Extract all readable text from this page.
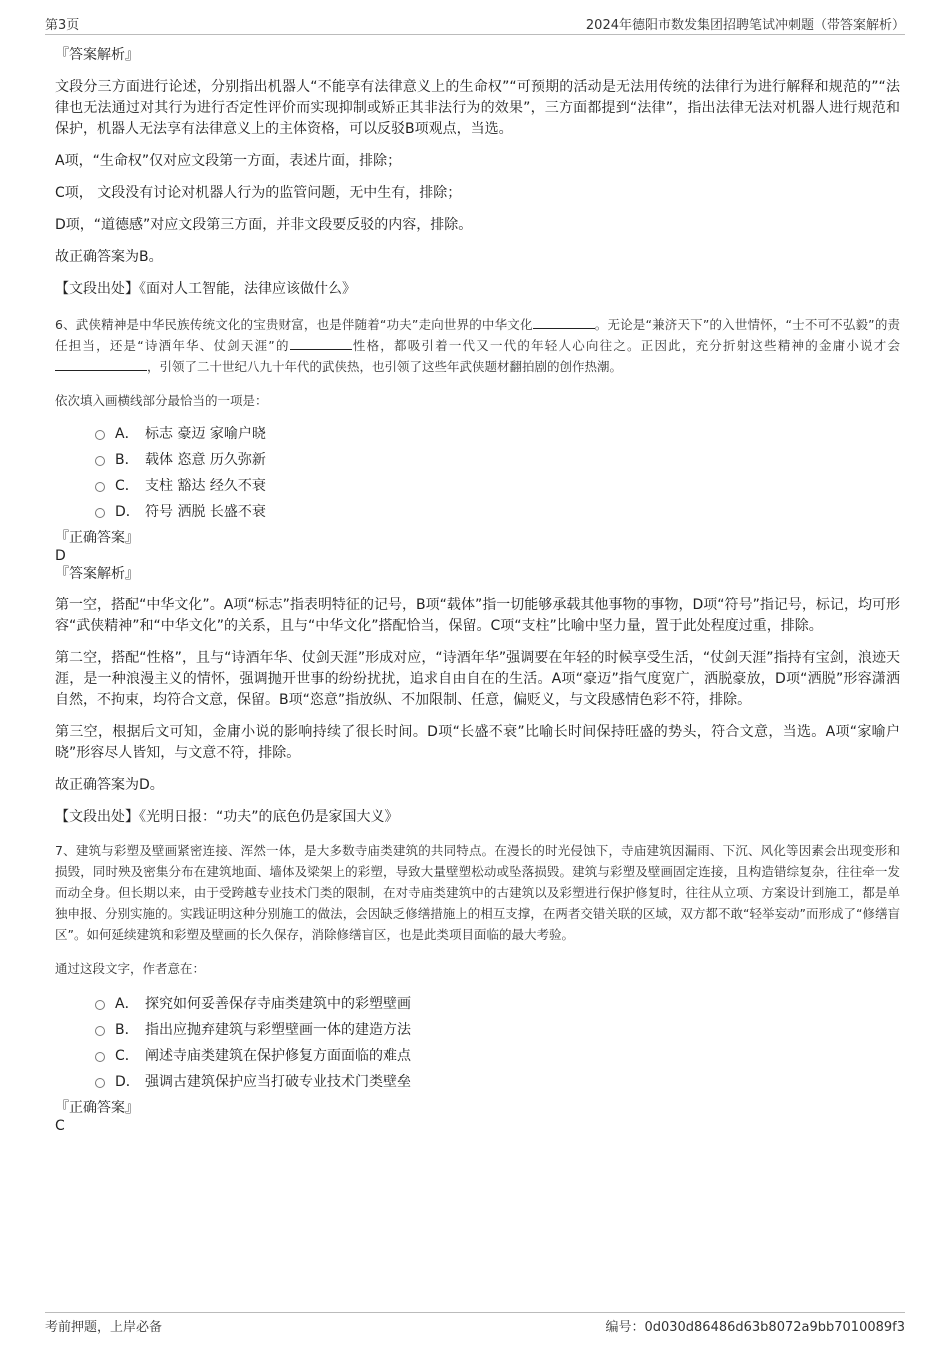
第3页	2024年德阳市数发集团招聘笔试冲刺题（带答案解析）

『答案解析』

文段分三方面进行论述，分别指出机器人“不能享有法律意义上的生命权”“可预期的活动是无法用传统的法律行为进行解释和规范的”“法律也无法通过对其行为进行否定性评价而实现抑制或矫正其非法行为的效果”，三方面都提到“法律”，指出法律无法对机器人进行规范和保护，机器人无法享有法律意义上的主体资格，可以反驳B项观点，当选。

A项，“生命权”仅对应文段第一方面，表述片面，排除；

C项， 文段没有讨论对机器人行为的监管问题，无中生有，排除；

D项，“道德感”对应文段第三方面，并非文段要反驳的内容，排除。

故正确答案为B。

【文段出处】《面对人工智能，法律应该做什么》

6、武侠精神是中华民族传统文化的宝贵财富，也是伴随着“功夫”走向世界的中华文化	。无论是“兼济天下”的入世情怀，“士不可不弘毅”的责任担当，还是“诗酒年华、仗剑天涯”的	性格，都吸引着一代又一代的年轻人心向往之。正因此，充分折射这些精神的金庸小说才会，引领了二十世纪八九十年代的武侠热，也引领了这些年武侠题材翻拍剧的创作热潮。

依次填入画横线部分最恰当的一项是：

A． 标志 豪迈 家喻户晓
B． 载体 恣意 历久弥新
C． 支柱 豁达 经久不衰
D． 符号 洒脱 长盛不衰

『正确答案』

D

『答案解析』

第一空，搭配“中华文化”。A项“标志”指表明特征的记号，B项“载体”指一切能够承载其他事物的事物，D项“符号”指记号，标记，均可形容“武侠精神”和“中华文化”的关系，且与“中华文化”搭配恰当，保留。C项“支柱”比喻中坚力量，置于此处程度过重，排除。

第二空，搭配“性格”，且与“诗酒年华、仗剑天涯”形成对应，“诗酒年华”强调要在年轻的时候享受生活，“仗剑天涯”指持有宝剑，浪迹天涯，是一种浪漫主义的情怀，强调抛开世事的纷纷扰扰，追求自由自在的生活。A项“豪迈”指气度宽广，洒脱豪放，D项“洒脱”形容潇洒自然，不拘束，均符合文意，保留。B项“恣意”指放纵、不加限制、任意，偏贬义，与文段感情色彩不符，排除。

第三空，根据后文可知，金庸小说的影响持续了很长时间。D项“长盛不衰”比喻长时间保持旺盛的势头，符合文意，当选。A项“家喻户晓”形容尽人皆知，与文意不符，排除。

故正确答案为D。

【文段出处】《光明日报：“功夫”的底色仍是家国大义》

7、建筑与彩塑及壁画紧密连接、浑然一体，是大多数寺庙类建筑的共同特点。在漫长的时光侵蚀下，寺庙建筑因漏雨、下沉、风化等因素会出现变形和损毁，同时殃及密集分布在建筑地面、墙体及梁架上的彩塑，导致大量壁塑松动或坠落损毁。建筑与彩塑及壁画固定连接，且构造错综复杂，往往牵一发而动全身。但长期以来，由于受跨越专业技术门类的限制，在对寺庙类建筑中的古建筑以及彩塑进行保护修复时，往往从立项、方案设计到施工，都是单独申报、分别实施的。实践证明这种分别施工的做法，会因缺乏修缮措施上的相互支撑，在两者交错关联的区域，双方都不敢“轻举妄动”而形成了“修缮盲区”。如何延续建筑和彩塑及壁画的长久保存，消除修缮盲区，也是此类项目面临的最大考验。

通过这段文字，作者意在：

A． 探究如何妥善保存寺庙类建筑中的彩塑壁画
B． 指出应抛弃建筑与彩塑壁画一体的建造方法
C． 阐述寺庙类建筑在保护修复方面面临的难点
D． 强调古建筑保护应当打破专业技术门类壁垒

『正确答案』

C

考前押题，上岸必备	编号：0d030d86486d63b8072a9bb7010089f3
